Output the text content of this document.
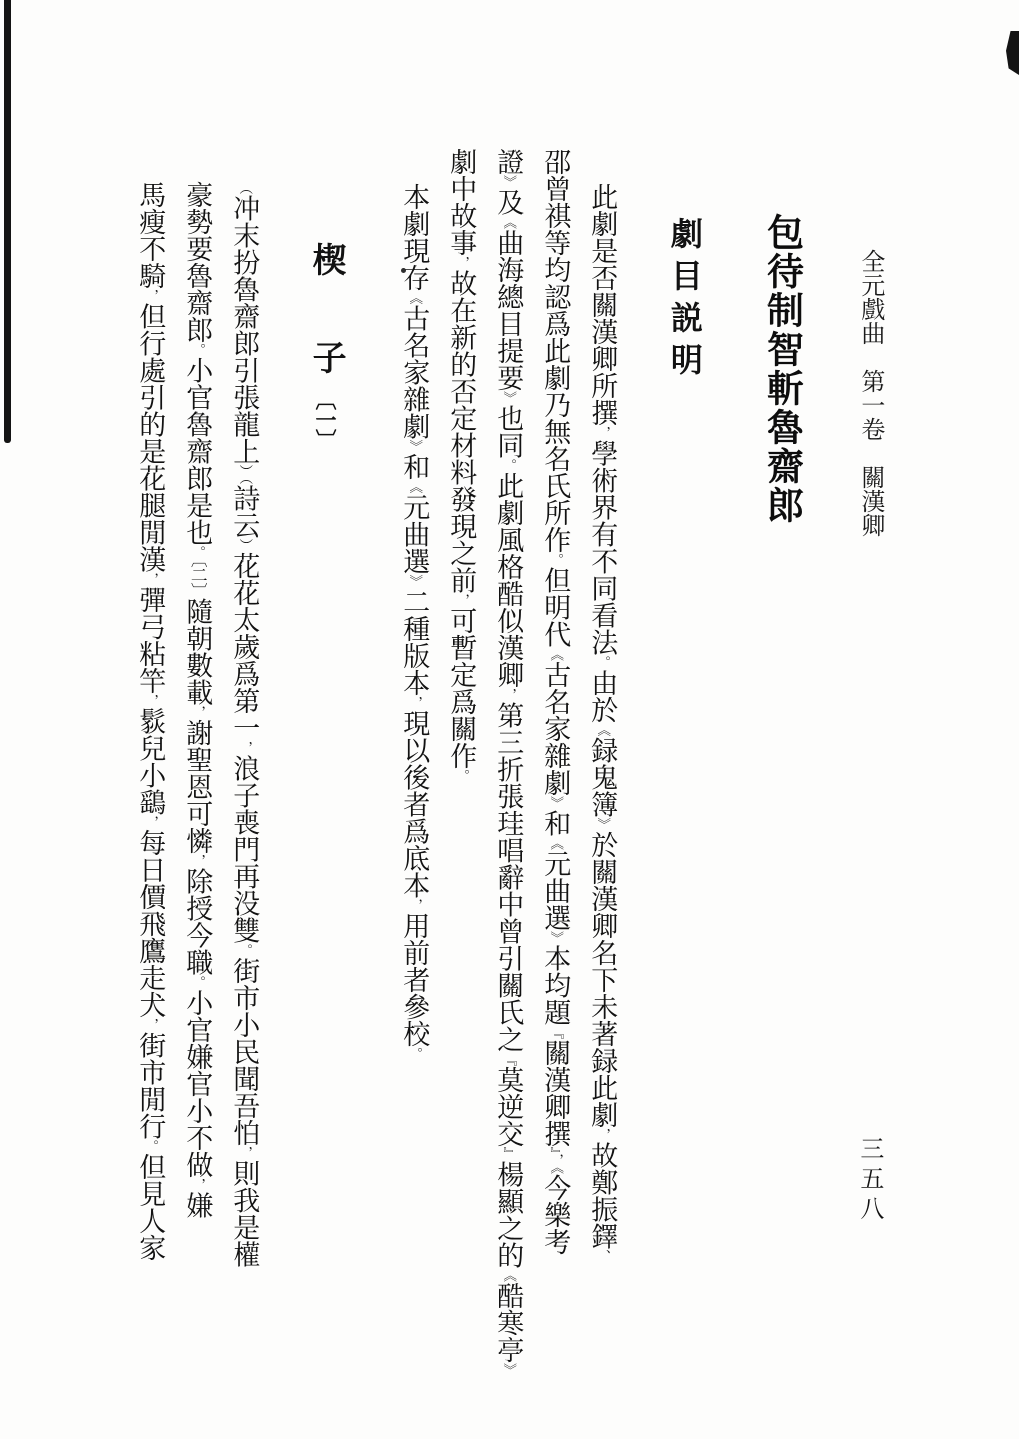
全元戲曲　第一卷　關漢卿
包待制智斬魯齋郎
劇目説明
此劇是否關漢卿所撰，學術界有不同看法。由於《録鬼簿》於關漢卿名下未著録此劇，故鄭振鐸、
邵曾祺等均認爲此劇乃無名氏所作。但明代《古名家雜劇》和《元曲選》本均題『關漢卿撰』，《今樂考
證》及《曲海總目提要》也同。此劇風格酷似漢卿，第三折張珪唱辭中曾引關氏之『莫逆交』楊顯之的《酷寒亭》
劇中故事，故在新的否定材料發現之前，可暫定爲關作。
本劇現存《古名家雜劇》和《元曲選》二種版本，現以後者爲底本，用前者參校。
楔　子〔一〕
（冲末扮魯齋郎引張龍上）（詩云）花花太歲爲第一，浪子喪門再没雙。街市小民聞吾怕，則我是權
豪勢要魯齋郎。小官魯齋郎是也。〔二〕隨朝數載，謝聖恩可憐，除授今職。小官嫌官小不做，嫌
馬瘦不騎，但行處引的是花腿閒漢，彈弓粘竿，䯼兒小鷂，每日價飛鷹走犬，街市閒行。但見人家	三五八
